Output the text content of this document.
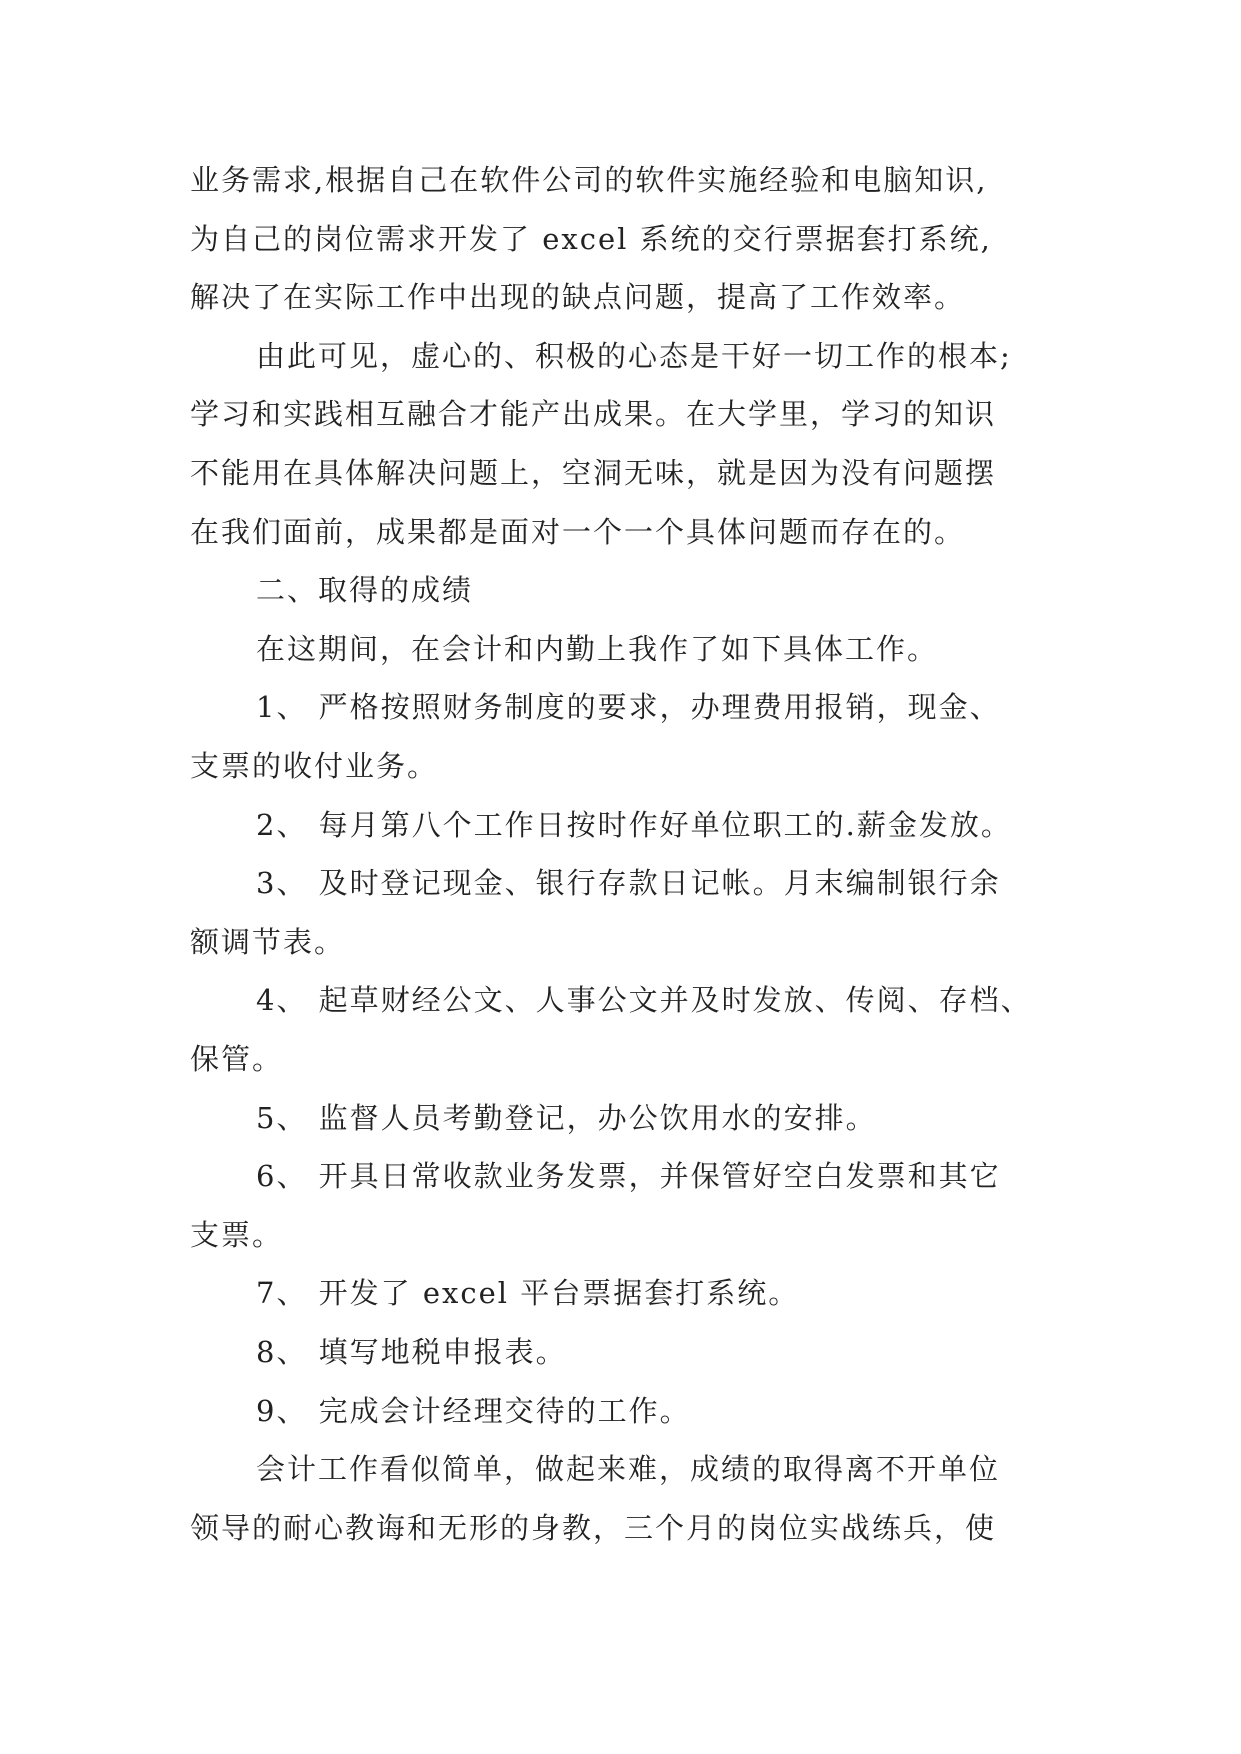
业务需求,根据自己在软件公司的软件实施经验和电脑知识,
为自己的岗位需求开发了 excel 系统的交行票据套打系统,
解决了在实际工作中出现的缺点问题，提高了工作效率。
由此可见，虚心的、积极的心态是干好一切工作的根本;
学习和实践相互融合才能产出成果。在大学里，学习的知识
不能用在具体解决问题上，空洞无味，就是因为没有问题摆
在我们面前，成果都是面对一个一个具体问题而存在的。
二、取得的成绩
在这期间，在会计和内勤上我作了如下具体工作。
1、 严格按照财务制度的要求，办理费用报销，现金、
支票的收付业务。
2、 每月第八个工作日按时作好单位职工的.薪金发放。
3、 及时登记现金、银行存款日记帐。月末编制银行余
额调节表。
4、 起草财经公文、人事公文并及时发放、传阅、存档、
保管。
5、 监督人员考勤登记，办公饮用水的安排。
6、 开具日常收款业务发票，并保管好空白发票和其它
支票。
7、 开发了 excel 平台票据套打系统。
8、 填写地税申报表。
9、 完成会计经理交待的工作。
会计工作看似简单，做起来难，成绩的取得离不开单位
领导的耐心教诲和无形的身教，三个月的岗位实战练兵，使
